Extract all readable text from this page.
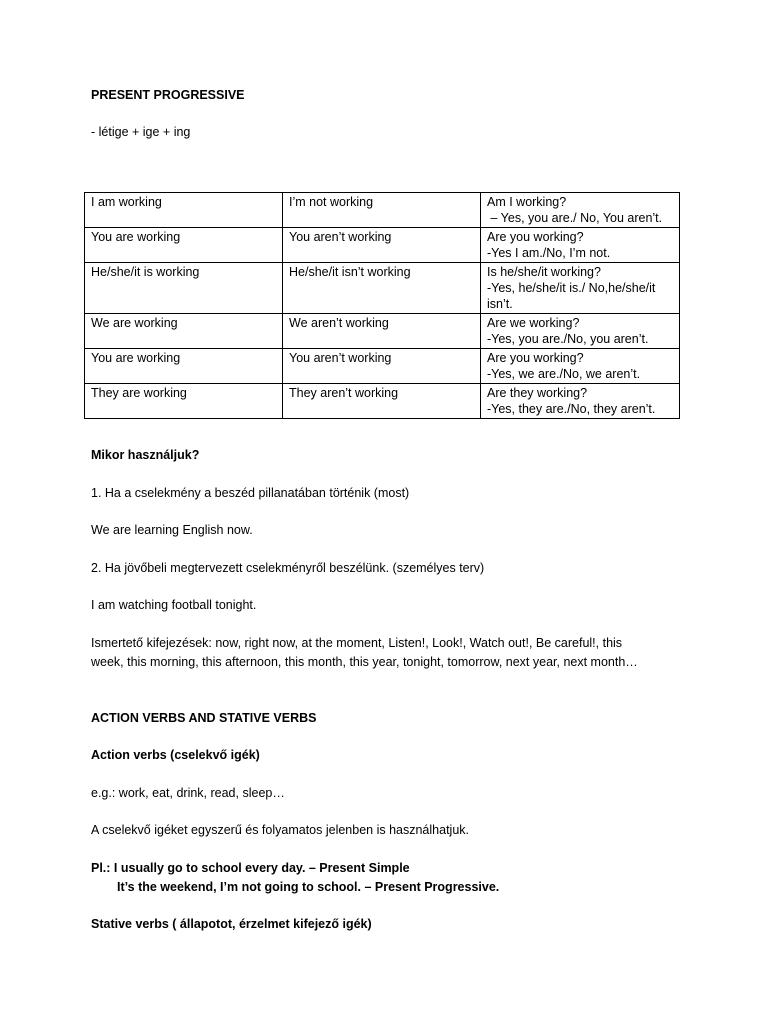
PRESENT PROGRESSIVE
- létige + ige + ing
I am working	I’m not working	Am I working?
– Yes, you are./ No, You aren’t.

You are working	You aren’t working	Are you working?
-Yes I am./No, I’m not.

He/she/it is working	He/she/it isn’t working	Is he/she/it working?
-Yes, he/she/it is./ No,he/she/it isn’t.

We are working	We aren’t working	Are we working?
-Yes, you are./No, you aren’t.

You are working	You aren’t working	Are you working?
-Yes, we are./No, we aren’t.

They are working	They aren’t working	Are they working?
-Yes, they are./No, they aren’t.
Mikor használjuk?
1. Ha a cselekmény a beszéd pillanatában történik (most)
We are learning English now.
2. Ha jövőbeli megtervezett cselekményről beszélünk. (személyes terv)
I am watching football tonight.
Ismertető kifejezések: now, right now, at the moment, Listen!, Look!, Watch out!, Be careful!, this
week, this morning, this afternoon, this month, this year, tonight, tomorrow, next year, next month…
ACTION VERBS AND STATIVE VERBS
Action verbs (cselekvő igék)
e.g.: work, eat, drink, read, sleep…
A cselekvő igéket egyszerű és folyamatos jelenben is használhatjuk.
Pl.: I usually go to school every day. – Present Simple
It’s the weekend, I’m not going to school. – Present Progressive.
Stative verbs ( állapotot, érzelmet kifejező igék)
